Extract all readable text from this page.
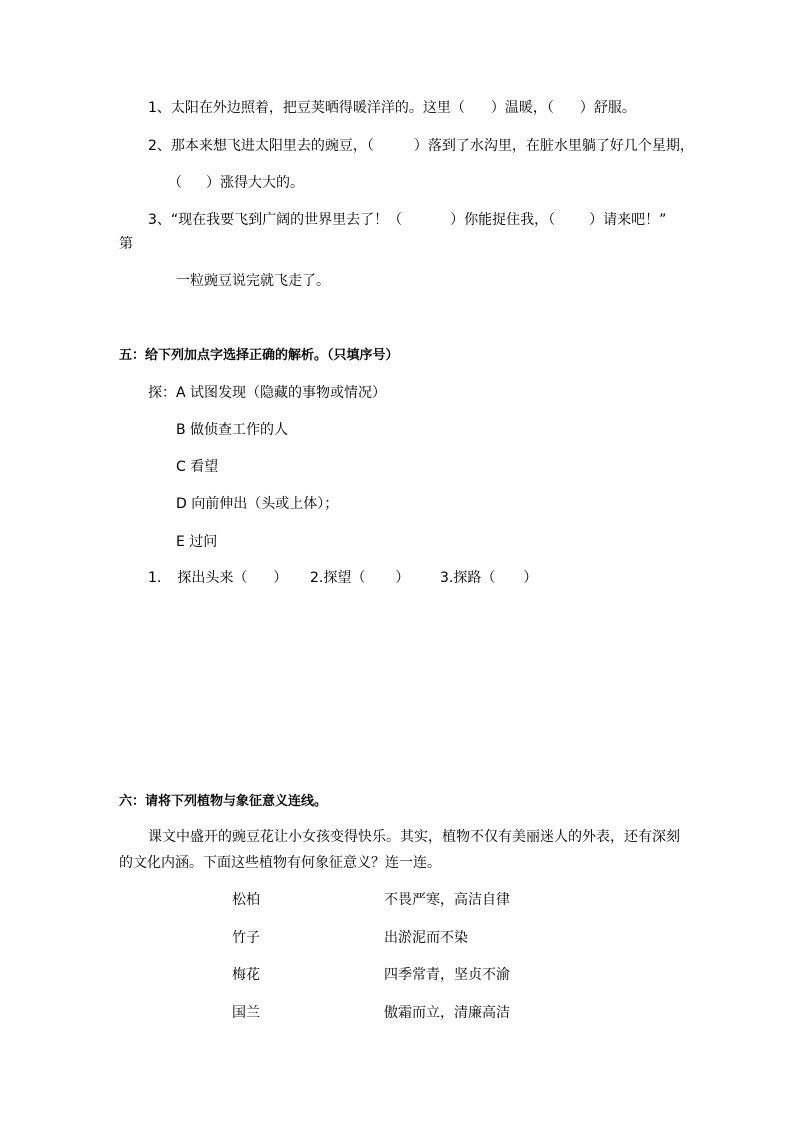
1、太阳在外边照着，把豆荚晒得暖洋洋的。这里（ ）温暖，（ ）舒服。
2、那本来想飞进太阳里去的豌豆，（	）落到了水沟里，在脏水里躺了好几个星期，
（ ）涨得大大的。
3、“现在我要飞到广阔的世界里去了！（	）你能捉住我，（ ）请来吧！”
第
一粒豌豆说完就飞走了。
五：给下列加点字选择正确的解析。（只填序号）
探： A 试图发现（隐藏的事物或情况）
B 做侦查工作的人
C 看望
D 向前伸出（头或上体）；
E 过问
1. 探出头来（ ） 2.探望（ ） 3.探路（ ）
六：请将下列植物与象征意义连线。
课文中盛开的豌豆花让小女孩变得快乐。其实，植物不仅有美丽迷人的外表，还有深刻
的文化内涵。下面这些植物有何象征意义？连一连。
松柏
竹子
梅花
国兰
不畏严寒，高洁自律
出淤泥而不染
四季常青，坚贞不渝
傲霜而立，清廉高洁
